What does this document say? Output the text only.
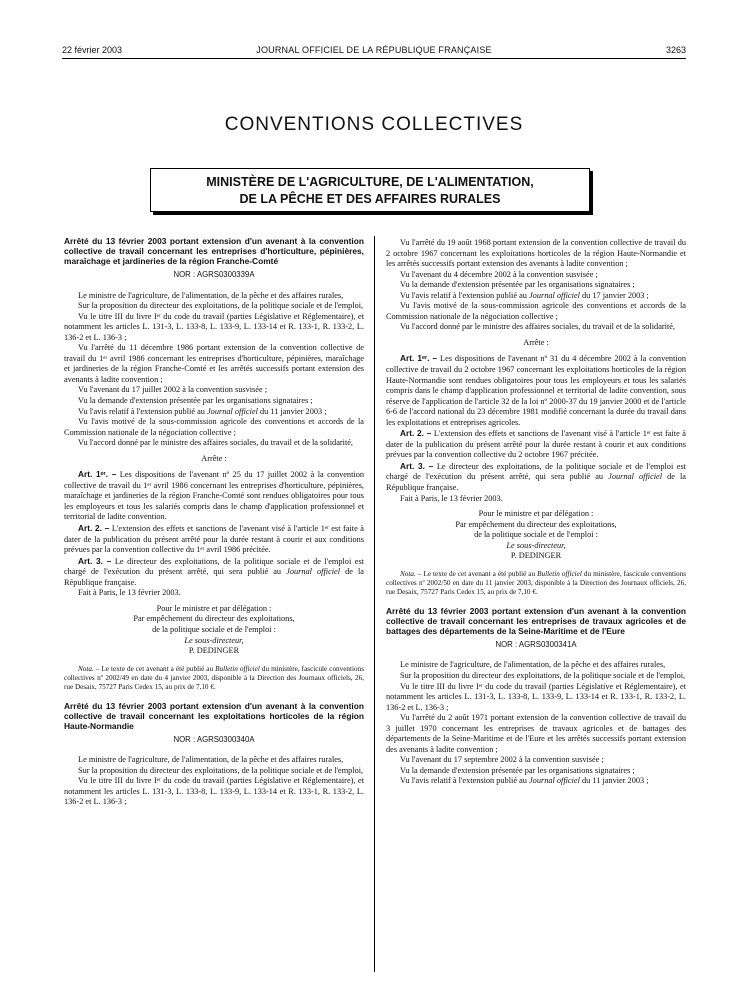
22 février 2003	JOURNAL OFFICIEL DE LA RÉPUBLIQUE FRANÇAISE	3263
CONVENTIONS COLLECTIVES
MINISTÈRE DE L'AGRICULTURE, DE L'ALIMENTATION,
DE LA PÊCHE ET DES AFFAIRES RURALES

Arrêté du 13 février 2003 portant extension d'un avenant à la convention collective de travail concernant les entreprises d'horticulture, pépinières, maraîchage et jardineries de la région Franche-Comté

NOR : AGRS0300339A

Le ministre de l'agriculture, de l'alimentation, de la pêche et des affaires rurales,

Sur la proposition du directeur des exploitations, de la politique sociale et de l'emploi,

Vu le titre III du livre Iᵉʳ du code du travail (parties Législative et Réglementaire), et notamment les articles L. 131-3, L. 133-8, L. 133-9, L. 133-14 et R. 133-1, R. 133-2, L. 136-2 et L. 136-3 ;

Vu l'arrêté du 11 décembre 1986 portant extension de la convention collective de travail du 1ᵉʳ avril 1986 concernant les entreprises d'horticulture, pépinières, maraîchage et jardineries de la région Franche-Comté et les arrêtés successifs portant extension des avenants à ladite convention ;

Vu l'avenant du 17 juillet 2002 à la convention susvisée ;

Vu la demande d'extension présentée par les organisations signataires ;

Vu l'avis relatif à l'extension publié au Journal officiel du 11 janvier 2003 ;

Vu l'avis motivé de la sous-commission agricole des conventions et accords de la Commission nationale de la négociation collective ;

Vu l'accord donné par le ministre des affaires sociales, du travail et de la solidarité,

Arrête :

Art. 1ᵉʳ. – Les dispositions de l'avenant nº 25 du 17 juillet 2002 à la convention collective de travail du 1ᵉʳ avril 1986 concernant les entreprises d'horticulture, pépinières, maraîchage et jardineries de la région Franche-Comté sont rendues obligatoires pour tous les employeurs et tous les salariés compris dans le champ d'application professionnel et territorial de ladite convention.

Art. 2. – L'extension des effets et sanctions de l'avenant visé à l'article 1ᵉʳ est faite à dater de la publication du présent arrêté pour la durée restant à courir et aux conditions prévues par la convention collective du 1ᵉʳ avril 1986 précitée.

Art. 3. – Le directeur des exploitations, de la politique sociale et de l'emploi est chargé de l'exécution du présent arrêté, qui sera publié au Journal officiel de la République française.

Fait à Paris, le 13 février 2003.

Pour le ministre et par délégation :

Par empêchement du directeur des exploitations,

de la politique sociale et de l'emploi :

Le sous-directeur,

P. DEDINGER

Nota. – Le texte de cet avenant a été publié au Bulletin officiel du ministère, fascicule conventions collectives nº 2002/49 en date du 4 janvier 2003, disponible à la Direction des Journaux officiels, 26, rue Desaix, 75727 Paris Cedex 15, au prix de 7,10 €.

Arrêté du 13 février 2003 portant extension d'un avenant à la convention collective de travail concernant les exploitations horticoles de la région Haute-Normandie

NOR : AGRS0300340A

Le ministre de l'agriculture, de l'alimentation, de la pêche et des affaires rurales,

Sur la proposition du directeur des exploitations, de la politique sociale et de l'emploi,

Vu le titre III du livre Iᵉʳ du code du travail (parties Législative et Réglementaire), et notamment les articles L. 131-3, L. 133-8, L. 133-9, L. 133-14 et R. 133-1, R. 133-2, L. 136-2 et L. 136-3 ;

Vu l'arrêté du 19 août 1968 portant extension de la convention collective de travail du 2 octobre 1967 concernant les exploitations horticoles de la région Haute-Normandie et les arrêtés successifs portant extension des avenants à ladite convention ;

Vu l'avenant du 4 décembre 2002 à la convention susvisée ;

Vu la demande d'extension présentée par les organisations signataires ;

Vu l'avis relatif à l'extension publié au Journal officiel du 17 janvier 2003 ;

Vu l'avis motivé de la sous-commission agricole des conventions et accords de la Commission nationale de la négociation collective ;

Vu l'accord donné par le ministre des affaires sociales, du travail et de la solidarité,

Arrête :

Art. 1ᵉʳ. – Les dispositions de l'avenant nº 31 du 4 décembre 2002 à la convention collective de travail du 2 octobre 1967 concernant les exploitations horticoles de la région Haute-Normandie sont rendues obligatoires pour tous les employeurs et tous les salariés compris dans le champ d'application professionnel et territorial de ladite convention, sous réserve de l'application de l'article 32 de la loi nº 2000-37 du 19 janvier 2000 et de l'article 6-6 de l'accord national du 23 décembre 1981 modifié concernant la durée du travail dans les exploitations et entreprises agricoles.

Art. 2. – L'extension des effets et sanctions de l'avenant visé à l'article 1ᵉʳ est faite à dater de la publication du présent arrêté pour la durée restant à courir et aux conditions prévues par la convention collective du 2 octobre 1967 précitée.

Art. 3. – Le directeur des exploitations, de la politique sociale et de l'emploi est chargé de l'exécution du présent arrêté, qui sera publié au Journal officiel de la République française.

Fait à Paris, le 13 février 2003.

Pour le ministre et par délégation :

Par empêchement du directeur des exploitations,

de la politique sociale et de l'emploi :

Le sous-directeur,

P. DEDINGER

Nota. – Le texte de cet avenant a été publié au Bulletin officiel du ministère, fascicule conventions collectives nº 2002/50 en date du 11 janvier 2003, disponible à la Direction des Journaux officiels, 26, rue Desaix, 75727 Paris Cedex 15, au prix de 7,10 €.

Arrêté du 13 février 2003 portant extension d'un avenant à la convention collective de travail concernant les entreprises de travaux agricoles et de battages des départements de la Seine-Maritime et de l'Eure

NOR : AGRS0300341A

Le ministre de l'agriculture, de l'alimentation, de la pêche et des affaires rurales,

Sur la proposition du directeur des exploitations, de la politique sociale et de l'emploi,

Vu le titre III du livre Iᵉʳ du code du travail (parties Législative et Réglementaire), et notamment les articles L. 131-3, L. 133-8, L. 133-9, L. 133-14 et R. 133-1, R. 133-2, L. 136-2 et L. 136-3 ;

Vu l'arrêté du 2 août 1971 portant extension de la convention collective de travail du 3 juillet 1970 concernant les entreprises de travaux agricoles et de battages des départements de la Seine-Maritime et de l'Eure et les arrêtés successifs portant extension des avenants à ladite convention ;

Vu l'avenant du 17 septembre 2002 à la convention susvisée ;

Vu la demande d'extension présentée par les organisations signataires ;

Vu l'avis relatif à l'extension publié au Journal officiel du 11 janvier 2003 ;
